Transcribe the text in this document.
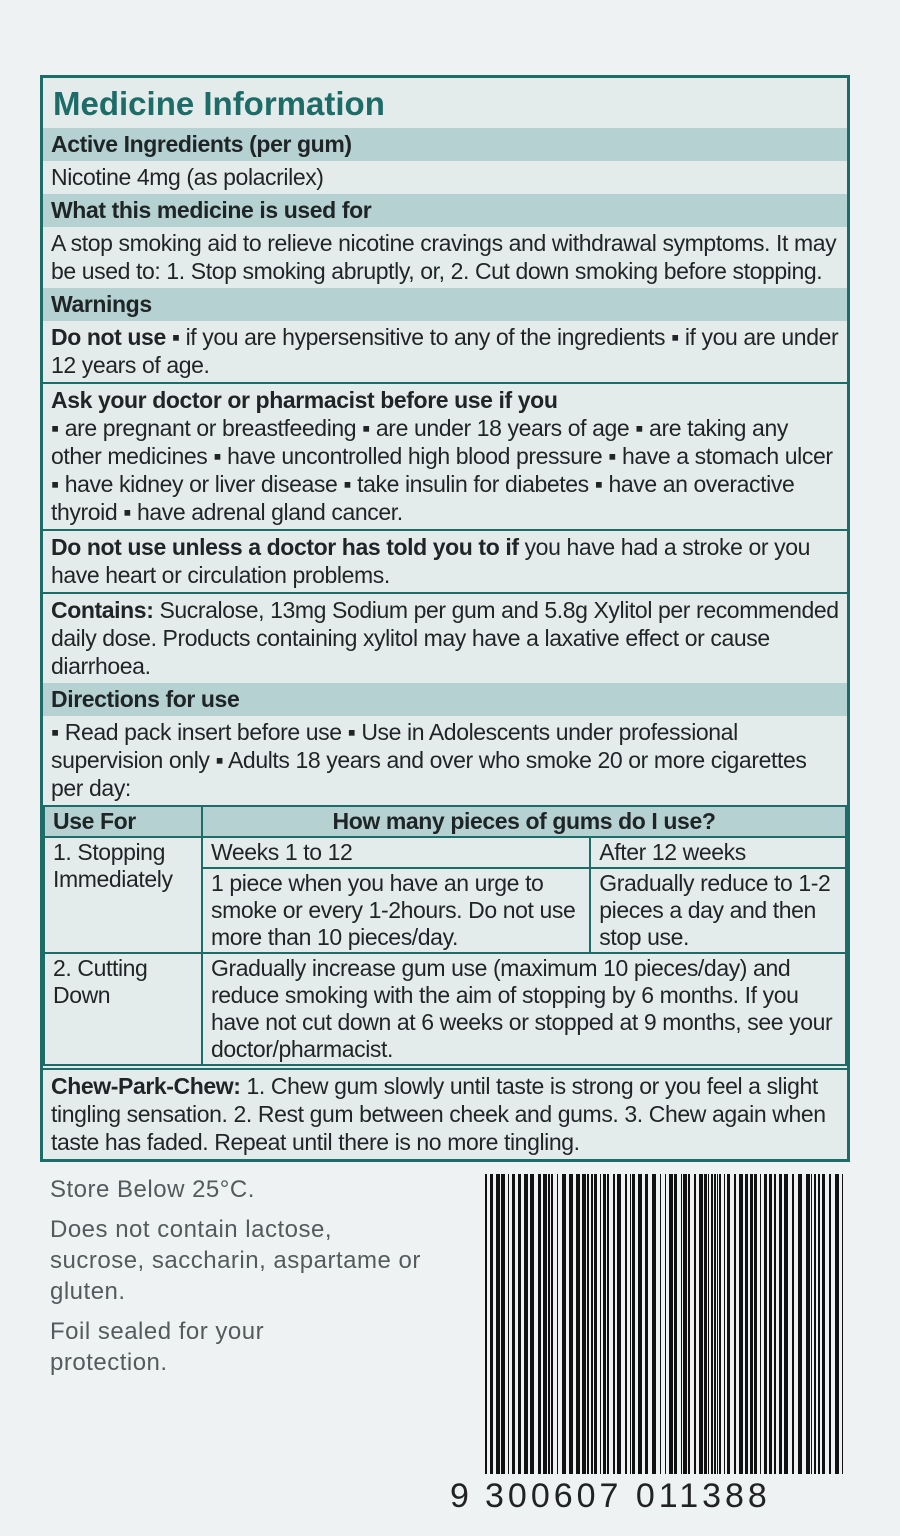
Medicine Information
Active Ingredients (per gum)
Nicotine 4mg (as polacrilex)
What this medicine is used for
A stop smoking aid to relieve nicotine cravings and withdrawal symptoms. It may be used to: 1. Stop smoking abruptly, or, 2. Cut down smoking before stopping.
Warnings
Do not use ▪ if you are hypersensitive to any of the ingredients ▪ if you are under 12 years of age.
Ask your doctor or pharmacist before use if you
▪ are pregnant or breastfeeding ▪ are under 18 years of age ▪ are taking any other medicines ▪ have uncontrolled high blood pressure ▪ have a stomach ulcer ▪ have kidney or liver disease ▪ take insulin for diabetes ▪ have an overactive thyroid ▪ have adrenal gland cancer.
Do not use unless a doctor has told you to if you have had a stroke or you have heart or circulation problems.
Contains: Sucralose, 13mg Sodium per gum and 5.8g Xylitol per recommended daily dose. Products containing xylitol may have a laxative effect or cause diarrhoea.
Directions for use
▪ Read pack insert before use ▪ Use in Adolescents under professional supervision only ▪ Adults 18 years and over who smoke 20 or more cigarettes per day:
Use For	How many pieces of gums do I use?	
1. Stopping Immediately	Weeks 1 to 12	After 12 weeks
	1 piece when you have an urge to smoke or every 1-2hours. Do not use more than 10 pieces/day.	Gradually reduce to 1-2 pieces a day and then stop use.
2. Cutting Down	Gradually increase gum use (maximum 10 pieces/day) and reduce smoking with the aim of stopping by 6 months. If you have not cut down at 6 weeks or stopped at 9 months, see your doctor/pharmacist.	
Chew-Park-Chew: 1. Chew gum slowly until taste is strong or you feel a slight tingling sensation. 2. Rest gum between cheek and gums. 3. Chew again when taste has faded. Repeat until there is no more tingling.
Store Below 25°C.
Does not contain lactose, sucrose, saccharin, aspartame or gluten.
Foil sealed for your protection.
9 300607 011388
